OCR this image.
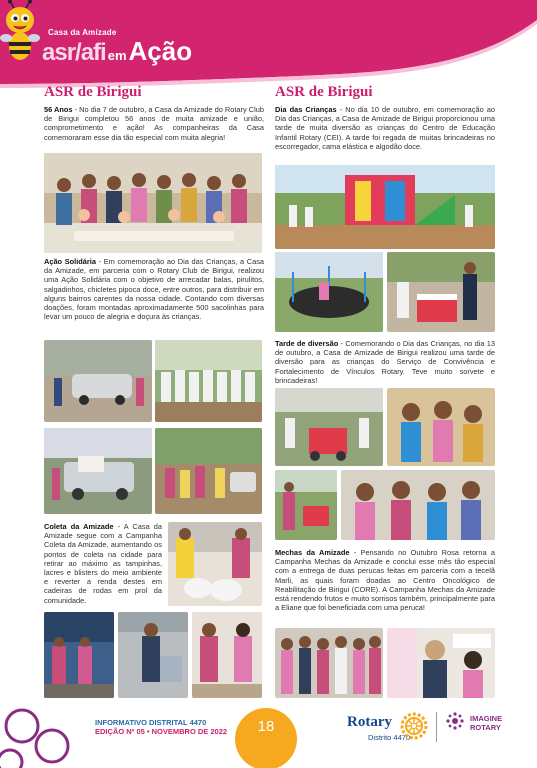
Casa da Amizade
asr/afi emAção
ASR de Birigui

56 Anos - No dia 7 de outubro, a Casa da Amizade do Rotary Club de Birigui completou 56 anos de muita amizade e união, comprometimento e ação! As companheiras da Casa comemoraram esse dia tão especial com muita alegria!

Ação Solidária - Em comemoração ao Dia das Crianças, a Casa da Amizade, em parceria com o Rotary Club de Birigui, realizou uma Ação Solidária com o objetivo de arrecadar balas, pirulitos, salgadinhos, chicletes pipoca doce, entre outros, para distribuir em alguns bairros carentes da nossa cidade. Contando com diversas doações, foram montadas aproximadamente 500 sacolinhas para levar um pouco de alegria e doçura às crianças.

Coleta da Amizade - A Casa da Amizade segue com a Campanha Coleta da Amizade, aumentando os pontos de coleta na cidade para retirar ao máximo as tampinhas, lacres e blisters do meio ambiente e reverter a renda destes em cadeiras de rodas em prol da comunidade.

ASR de Birigui

Dia das Crianças - No dia 10 de outubro, em comemoração ao Dia das Crianças, a Casa de Amizade de Birigui proporcionou uma tarde de muita diversão as crianças do Centro de Educação Infantil Rotary (CEI). A tarde foi regada de muitas brincadeiras no escorregador, cama elástica e algodão doce.

Tarde de diversão - Comemorando o Dia das Crianças, no dia 13 de outubro, a Casa de Amizade de Birigui realizou uma tarde de diversão para as crianças do Serviço de Convivência e Fortalecimento de Vínculos Rotary. Teve muito sorvete e brincadeiras!

Mechas da Amizade - Pensando no Outubro Rosa retorna a Campanha Mechas da Amizade e conclui esse mês tão especial com a entrega de duas perucas feitas em parceria com a tecelã Marli, as quais foram doadas ao Centro Oncológico de Reabilitação de Birigui (CORE). A Campanha Mechas da Amizade está rendendo frutos e muito sorrisos também, principalmente para a Eliane que foi beneficiada com uma peruca!

INFORMATIVO DISTRITAL 4470
EDIÇÃO Nº 05 • NOVEMBRO DE 2022	18	Rotary
Distrito 4470
IMAGINE
ROTARY
